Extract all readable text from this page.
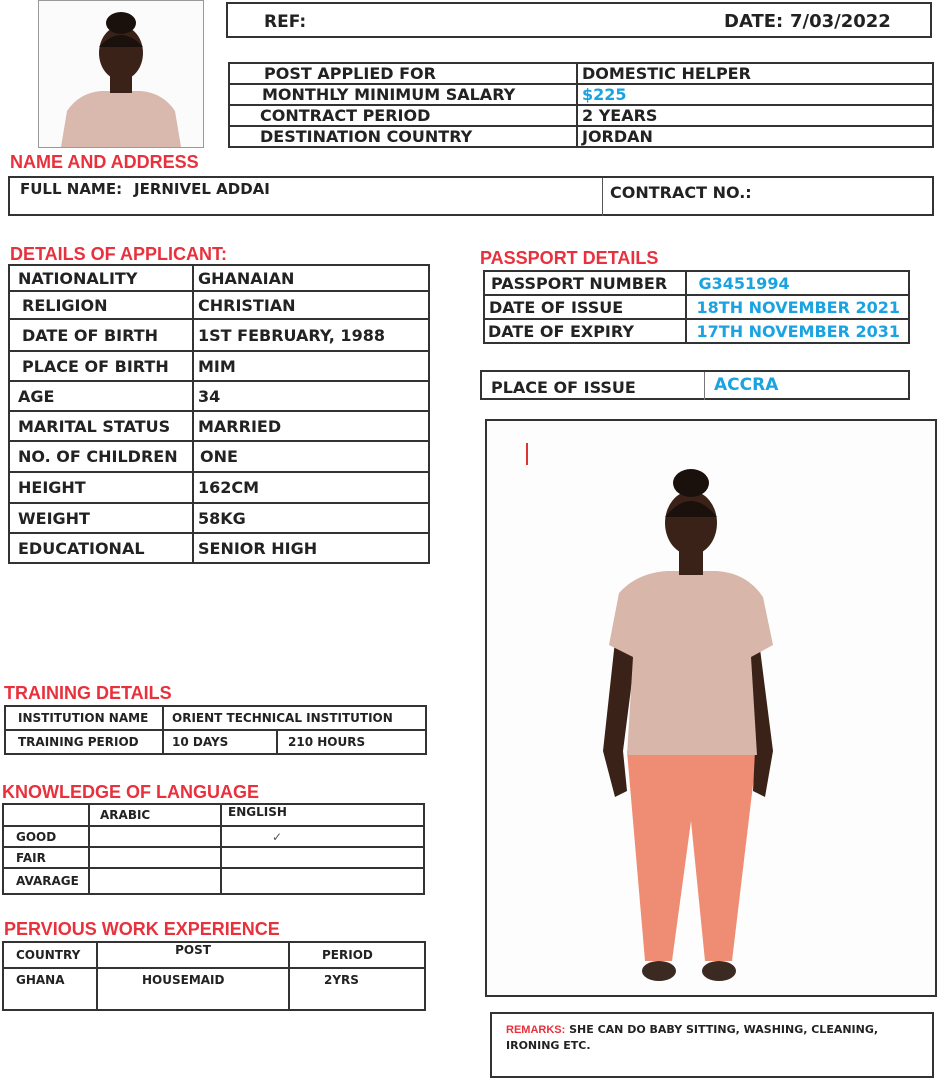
REF:	DATE: 7/03/2022
POST APPLIED FOR	DOMESTIC HELPER
MONTHLY MINIMUM SALARY	$225
CONTRACT PERIOD	2 YEARS
DESTINATION COUNTRY	JORDAN
NAME AND ADDRESS
FULL NAME: JERNIVEL ADDAI	CONTRACT NO.:
DETAILS OF APPLICANT:
NATIONALITY	GHANAIAN
RELIGION	CHRISTIAN
DATE OF BIRTH	1ST FEBRUARY, 1988
PLACE OF BIRTH	MIM
AGE	34
MARITAL STATUS	MARRIED
NO. OF CHILDREN	ONE
HEIGHT	162CM
WEIGHT	58KG
EDUCATIONAL	SENIOR HIGH
PASSPORT DETAILS
PASSPORT NUMBER	G3451994
DATE OF ISSUE	18TH NOVEMBER 2021
DATE OF EXPIRY	17TH NOVEMBER 2031
PLACE OF ISSUE	ACCRA
TRAINING DETAILS
INSTITUTION NAME	ORIENT TECHNICAL INSTITUTION	
TRAINING PERIOD	10 DAYS	210 HOURS
KNOWLEDGE OF LANGUAGE
	ARABIC	ENGLISH
GOOD		✓
FAIR		
AVARAGE		
PERVIOUS WORK EXPERIENCE
COUNTRY	POST	PERIOD
GHANA	HOUSEMAID	2YRS
REMARKS: SHE CAN DO BABY SITTING, WASHING, CLEANING, IRONING ETC.
